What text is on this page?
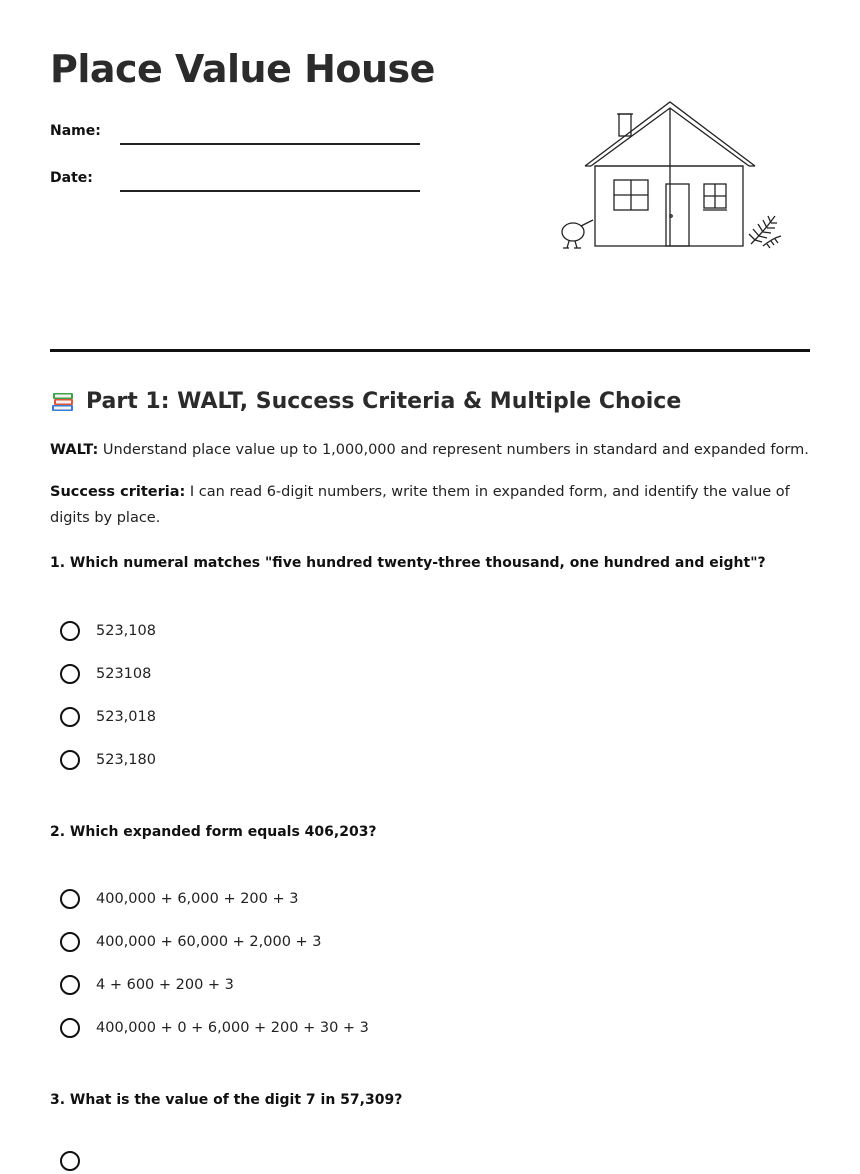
Place Value House
Name:
Date:
Part 1: WALT, Success Criteria & Multiple Choice
WALT: Understand place value up to 1,000,000 and represent numbers in standard and expanded form.
Success criteria: I can read 6-digit numbers, write them in expanded form, and identify the value of digits by place.
1. Which numeral matches "five hundred twenty-three thousand, one hundred and eight"?
523,108
523108
523,018
523,180
2. Which expanded form equals 406,203?
400,000 + 6,000 + 200 + 3
400,000 + 60,000 + 2,000 + 3
4 + 600 + 200 + 3
400,000 + 0 + 6,000 + 200 + 30 + 3
3. What is the value of the digit 7 in 57,309?
